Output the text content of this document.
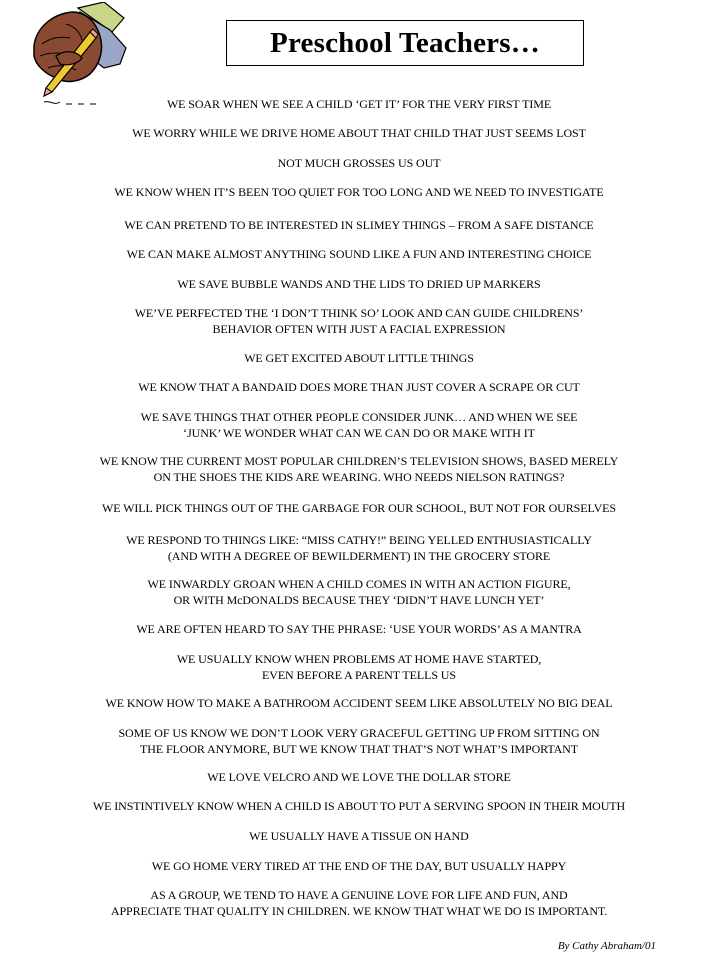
Preschool Teachers…
WE SOAR WHEN WE SEE A CHILD ‘GET IT’ FOR THE VERY FIRST TIME
WE WORRY WHILE WE DRIVE HOME ABOUT THAT CHILD THAT JUST SEEMS LOST
NOT MUCH GROSSES US OUT
WE KNOW WHEN IT’S BEEN TOO QUIET FOR TOO LONG AND WE NEED TO INVESTIGATE
WE CAN PRETEND TO BE INTERESTED IN SLIMEY THINGS – FROM A SAFE DISTANCE
WE CAN MAKE ALMOST ANYTHING SOUND LIKE A FUN AND INTERESTING CHOICE
WE SAVE BUBBLE WANDS AND THE LIDS TO DRIED UP MARKERS
WE’VE PERFECTED THE ‘I DON’T THINK SO’ LOOK AND CAN GUIDE CHILDRENS’
BEHAVIOR OFTEN WITH JUST A FACIAL EXPRESSION
WE GET EXCITED ABOUT LITTLE THINGS
WE KNOW THAT A BANDAID DOES MORE THAN JUST COVER A SCRAPE OR CUT
WE SAVE THINGS THAT OTHER PEOPLE CONSIDER JUNK… AND WHEN WE SEE
‘JUNK’ WE WONDER WHAT CAN WE CAN DO OR MAKE WITH IT
WE KNOW THE CURRENT MOST POPULAR CHILDREN’S TELEVISION SHOWS, BASED MERELY
ON THE SHOES THE KIDS ARE WEARING. WHO NEEDS NIELSON RATINGS?
WE WILL PICK THINGS OUT OF THE GARBAGE FOR OUR SCHOOL, BUT NOT FOR OURSELVES
WE RESPOND TO THINGS LIKE: “MISS CATHY!” BEING YELLED ENTHUSIASTICALLY
(AND WITH A DEGREE OF BEWILDERMENT) IN THE GROCERY STORE
WE INWARDLY GROAN WHEN A CHILD COMES IN WITH AN ACTION FIGURE,
OR WITH McDONALDS BECAUSE THEY ‘DIDN’T HAVE LUNCH YET’
WE ARE OFTEN HEARD TO SAY THE PHRASE: ‘USE YOUR WORDS’ AS A MANTRA
WE USUALLY KNOW WHEN PROBLEMS AT HOME HAVE STARTED,
EVEN BEFORE A PARENT TELLS US
WE KNOW HOW TO MAKE A BATHROOM ACCIDENT SEEM LIKE ABSOLUTELY NO BIG DEAL
SOME OF US KNOW WE DON’T LOOK VERY GRACEFUL GETTING UP FROM SITTING ON
THE FLOOR ANYMORE, BUT WE KNOW THAT THAT’S NOT WHAT’S IMPORTANT
WE LOVE VELCRO AND WE LOVE THE DOLLAR STORE
WE INSTINTIVELY KNOW WHEN A CHILD IS ABOUT TO PUT A SERVING SPOON IN THEIR MOUTH
WE USUALLY HAVE A TISSUE ON HAND
WE GO HOME VERY TIRED AT THE END OF THE DAY, BUT USUALLY HAPPY
AS A GROUP, WE TEND TO HAVE A GENUINE LOVE FOR LIFE AND FUN, AND
APPRECIATE THAT QUALITY IN CHILDREN. WE KNOW THAT WHAT WE DO IS IMPORTANT.
By Cathy Abraham/01
